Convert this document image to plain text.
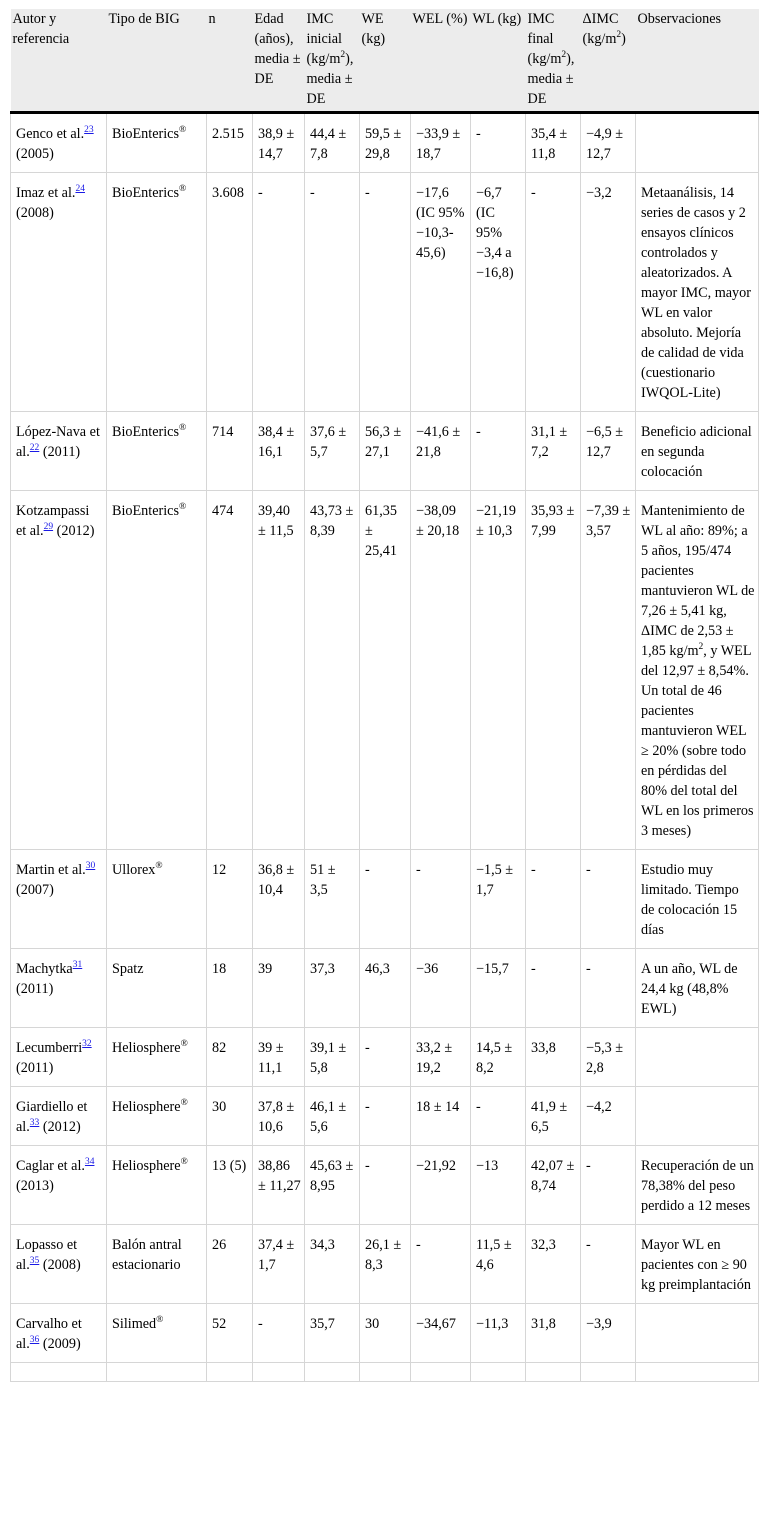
Autor y referencia	Tipo de BIG	n	Edad (años), media ± DE	IMC inicial $(kg/m^2)$, media ± DE	WE (kg)	WEL (%)	WL (kg)	IMC final $(kg/m^2)$, media ± DE	ΔIMC $(kg/m^2)$	Observaciones
Genco et al.$^{23}$ (2005)	BioEnterics®	2.515	38,9 ± 14,7	44,4 ± 7,8	59,5 ± 29,8	−33,9 ± 18,7	-	35,4 ± 11,8	−4,9 ± 12,7	
Imaz et al.$^{24}$ (2008)	BioEnterics®	3.608	-	-	-	−17,6 (IC 95% −10,3-45,6)	−6,7 (IC 95% −3,4 a −16,8)	-	−3,2	Metaanálisis, 14 series de casos y 2 ensayos clínicos controlados y aleatorizados. A mayor IMC, mayor WL en valor absoluto. Mejoría de calidad de vida (cuestionario IWQOL-Lite)
López-Nava et al.$^{22}$ (2011)	BioEnterics®	714	38,4 ± 16,1	37,6 ± 5,7	56,3 ± 27,1	−41,6 ± 21,8	-	31,1 ± 7,2	−6,5 ± 12,7	Beneficio adicional en segunda colocación
Kotzampassi et al.$^{29}$ (2012)	BioEnterics®	474	39,40 ± 11,5	43,73 ± 8,39	61,35 ± 25,41	−38,09 ± 20,18	−21,19 ± 10,3	35,93 ± 7,99	−7,39 ± 3,57	Mantenimiento de WL al año: 89%; a 5 años, 195/474 pacientes mantuvieron WL de 7,26 ± 5,41 kg, ΔIMC de 2,53 ± 1,85 $kg/m^2$, y WEL del 12,97 ± 8,54%. Un total de 46 pacientes mantuvieron WEL ≥ 20% (sobre todo en pérdidas del 80% del total del WL en los primeros 3 meses)
Martin et al.$^{30}$ (2007)	Ullorex®	12	36,8 ± 10,4	51 ± 3,5	-	-	−1,5 ± 1,7	-	-	Estudio muy limitado. Tiempo de colocación 15 días
Machytka$^{31}$ (2011)	Spatz	18	39	37,3	46,3	−36	−15,7	-	-	A un año, WL de 24,4 kg (48,8% EWL)
Lecumberri$^{32}$ (2011)	Heliosphere®	82	39 ± 11,1	39,1 ± 5,8	-	33,2 ± 19,2	14,5 ± 8,2	33,8	−5,3 ± 2,8	
Giardiello et al.$^{33}$ (2012)	Heliosphere®	30	37,8 ± 10,6	46,1 ± 5,6	-	18 ± 14	-	41,9 ± 6,5	−4,2	
Caglar et al.$^{34}$ (2013)	Heliosphere®	13 (5)	38,86 ± 11,27	45,63 ± 8,95	-	−21,92	−13	42,07 ± 8,74	-	Recuperación de un 78,38% del peso perdido a 12 meses
Lopasso et al.$^{35}$ (2008)	Balón antral estacionario	26	37,4 ± 1,7	34,3	26,1 ± 8,3	-	11,5 ± 4,6	32,3	-	Mayor WL en pacientes con ≥ 90 kg preimplantación
Carvalho et al.$^{36}$ (2009)	Silimed®	52	-	35,7	30	−34,67	−11,3	31,8	−3,9	
